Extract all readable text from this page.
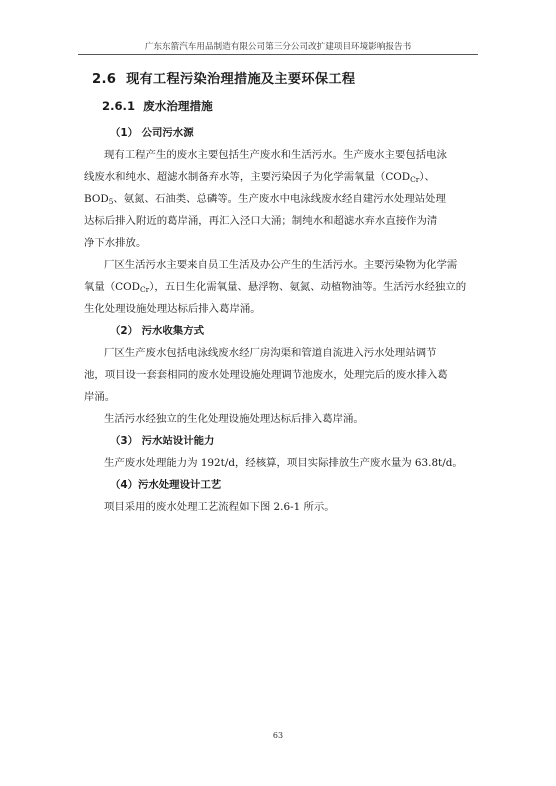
广东东箭汽车用品制造有限公司第三分公司改扩建项目环境影响报告书
2.6 现有工程污染治理措施及主要环保工程
2.6.1 废水治理措施
（1） 公司污水源
现有工程产生的废水主要包括生产废水和生活污水。生产废水主要包括电泳
线废水和纯水、超滤水制备弃水等，主要污染因子为化学需氧量$(COD_{Cr})$、
$BOD_5$、氨氮、石油类、总磷等。生产废水中电泳线废水经自建污水处理站处理
达标后排入附近的葛岸涌，再汇入泾口大涌；制纯水和超滤水弃水直接作为清
净下水排放。
厂区生活污水主要来自员工生活及办公产生的生活污水。主要污染物为化学需
氧量$(COD_{Cr})$，五日生化需氧量、悬浮物、氨氮、动植物油等。生活污水经独立的
生化处理设施处理达标后排入葛岸涌。
（2） 污水收集方式
厂区生产废水包括电泳线废水经厂房沟渠和管道自流进入污水处理站调节
池，项目设一套套相同的废水处理设施处理调节池废水，处理完后的废水排入葛
岸涌。
生活污水经独立的生化处理设施处理达标后排入葛岸涌。
（3） 污水站设计能力
生产废水处理能力为 192t/d，经核算，项目实际排放生产废水量为 63.8t/d。
（4）污水处理设计工艺
项目采用的废水处理工艺流程如下图 2.6-1 所示。
63
